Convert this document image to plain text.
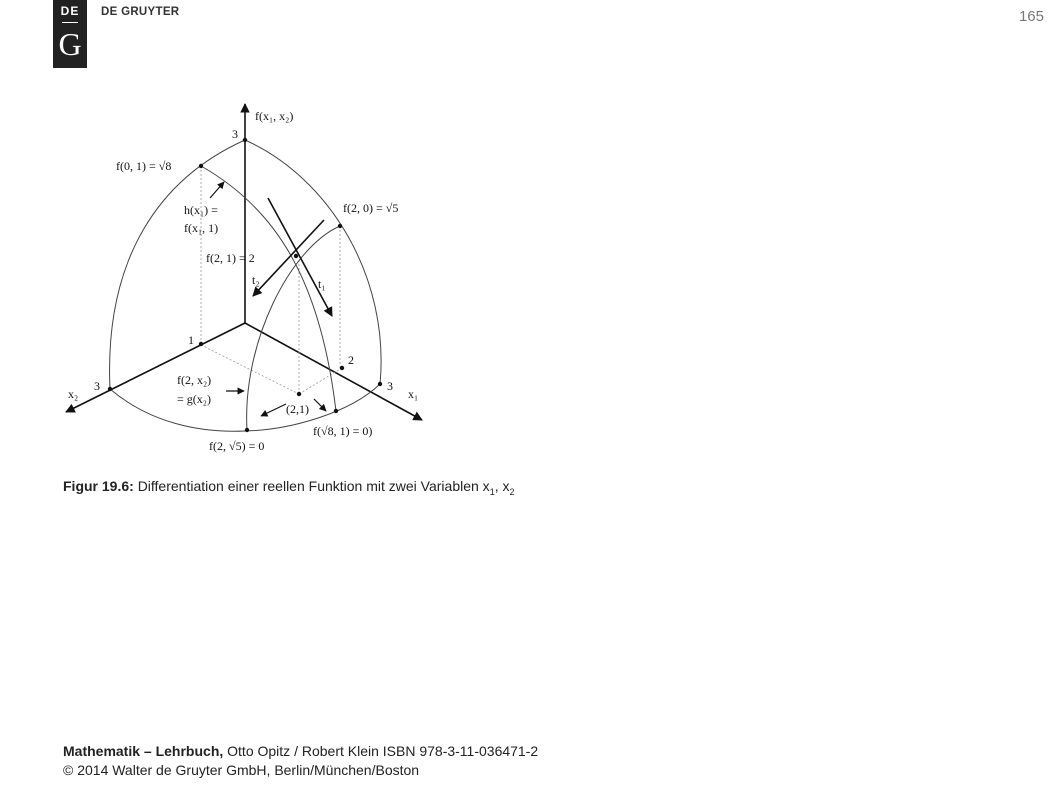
DE
G
DE GRUYTER	165
f(x₁, x₂)
3
f(0, 1) = √8
h(x₁) =
f(x₁, 1)
f(2, 0) = √5
f(2, 1) = 2
t₂	t₁
1
2
3	3
x₂	x₁
f(2, x₂)
= g(x₂)
(2,1)
f(√8, 1) = 0)
f(2, √5) = 0
Figur 19.6: Differentiation einer reellen Funktion mit zwei Variablen $x_1$, $x_2$
Mathematik – Lehrbuch, Otto Opitz / Robert Klein ISBN 978-3-11-036471-2
© 2014 Walter de Gruyter GmbH, Berlin/München/Boston
